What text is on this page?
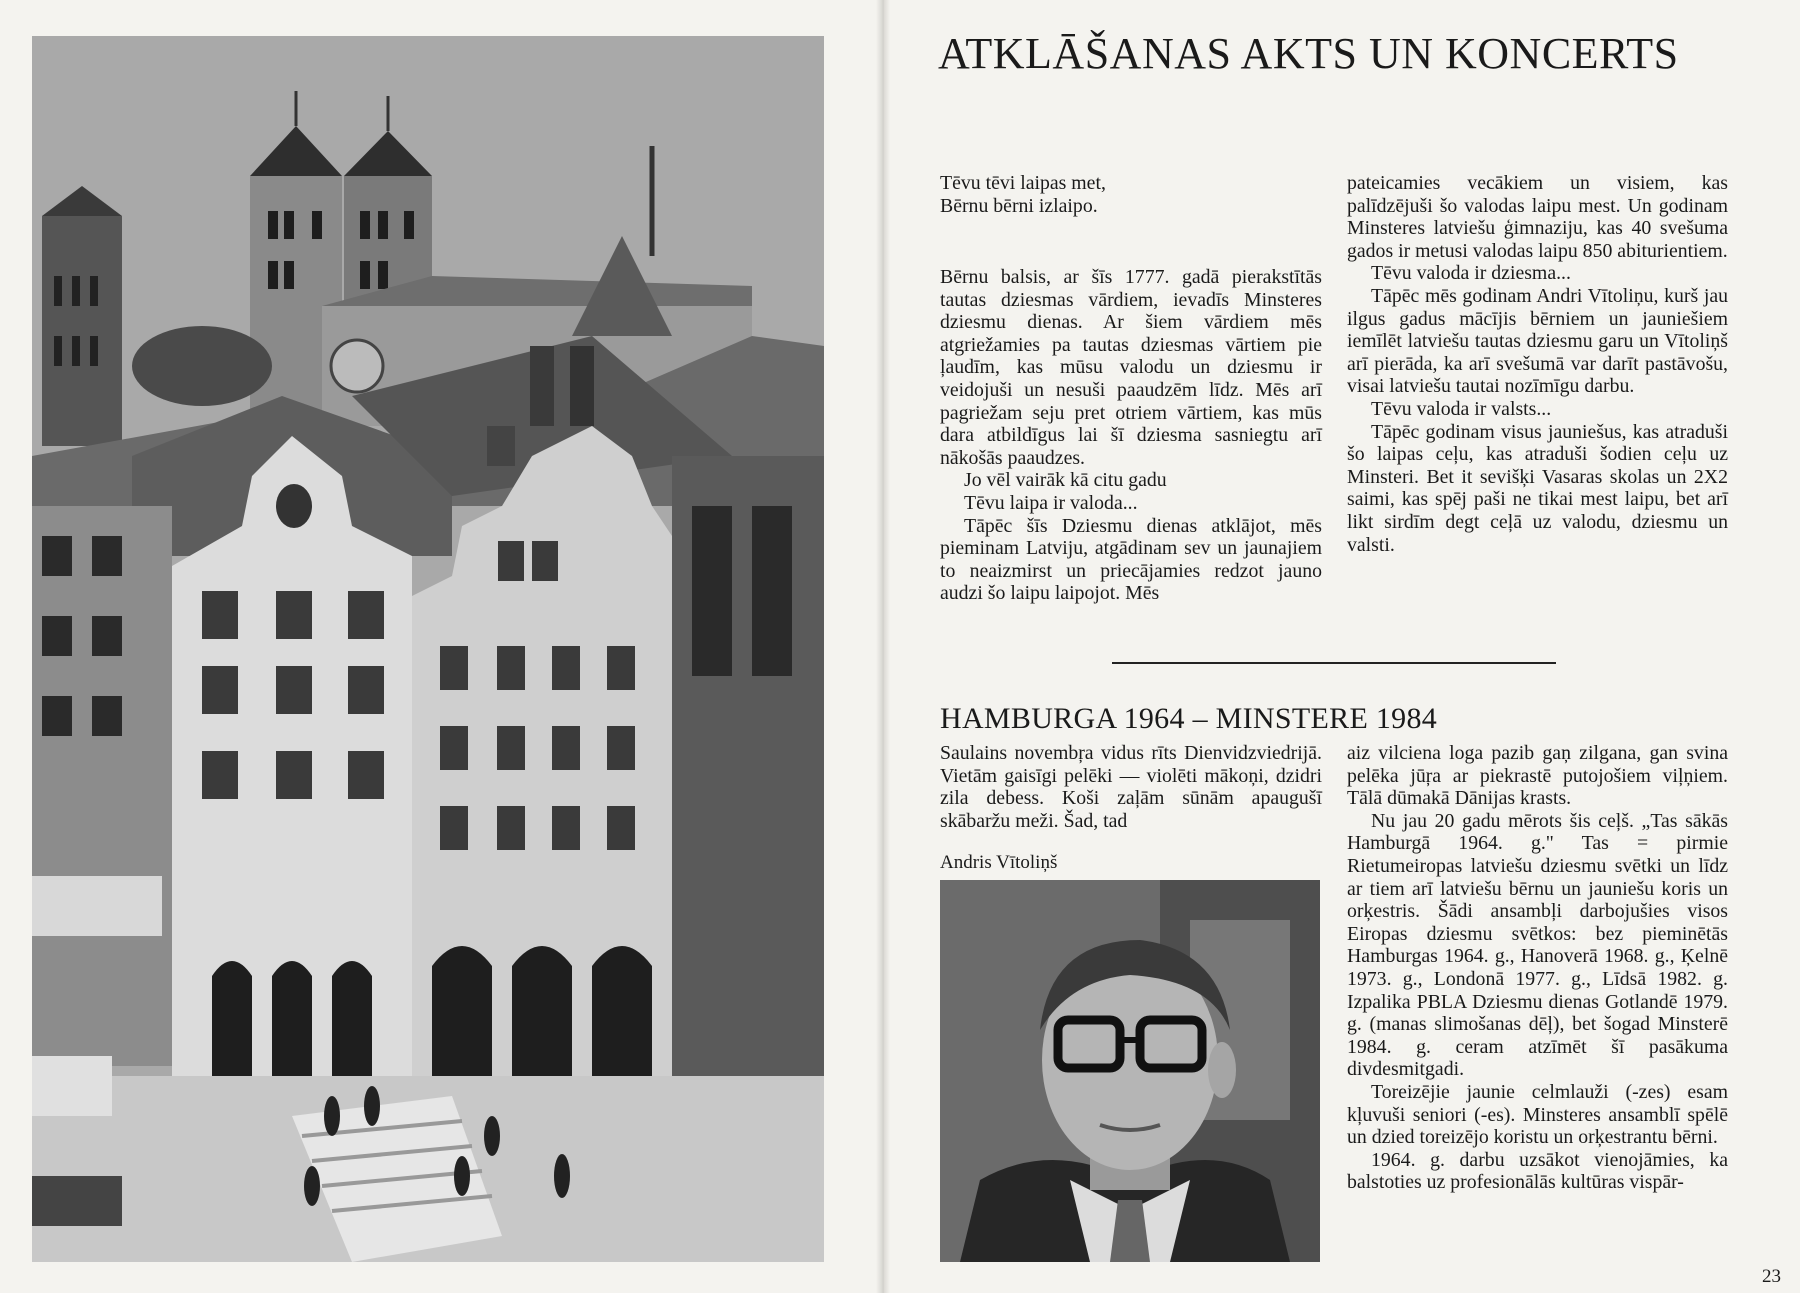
ATKLĀŠANAS AKTS UN KONCERTS
Tēvu tēvi laipas met,
Bērnu bērni izlaipo.

Bērnu balsis, ar šīs 1777. gadā pierakstītās tautas dziesmas vārdiem, ievadīs Minsteres dziesmu dienas. Ar šiem vārdiem mēs atgriežamies pa tautas dziesmas vārtiem pie ļaudīm, kas mūsu valodu un dziesmu ir veidojuši un nesuši paaudzēm līdz. Mēs arī pagriežam seju pret otriem vārtiem, kas mūs dara atbildīgus lai šī dziesma sasniegtu arī nākošās paaudzes.

Jo vēl vairāk kā citu gadu

Tēvu laipa ir valoda...

Tāpēc šīs Dziesmu dienas atklājot, mēs pieminam Latviju, atgādinam sev un jaunajiem to neaizmirst un priecājamies redzot jauno audzi šo laipu laipojot. Mēs

pateicamies vecākiem un visiem, kas palīdzējuši šo valodas laipu mest. Un godinam Minsteres latviešu ģimnaziju, kas 40 svešuma gados ir metusi valodas laipu 850 abiturientiem.

Tēvu valoda ir dziesma...

Tāpēc mēs godinam Andri Vītoliņu, kurš jau ilgus gadus mācījis bērniem un jauniešiem iemīlēt latviešu tautas dziesmu garu un Vītoliņš arī pierāda, ka arī svešumā var darīt pastāvošu, visai latviešu tautai nozīmīgu darbu.

Tēvu valoda ir valsts...

Tāpēc godinam visus jauniešus, kas atraduši šo laipas ceļu, kas atraduši šodien ceļu uz Minsteri. Bet it sevišķi Vasaras skolas un 2X2 saimi, kas spēj paši ne tikai mest laipu, bet arī likt sirdīm degt ceļā uz valodu, dziesmu un valsti.

HAMBURGA 1964 – MINSTERE 1984

Saulains novembŗa vidus rīts Dienvidzviedrijā. Vietām gaisīgi pelēki — violēti mākoņi, dzidri zila debess. Koši zaļām sūnām apaugušī skābaržu meži. Šad, tad

Andris Vītoliņš

aiz vilciena loga pazib gaņ zilgana, gan svina pelēka jūŗa ar piekrastē putojošiem viļņiem. Tālā dūmakā Dānijas krasts.

Nu jau 20 gadu mērots šis ceļš. „Tas sākās Hamburgā 1964. g." Tas = pirmie Rietumeiropas latviešu dziesmu svētki un līdz ar tiem arī latviešu bērnu un jauniešu koris un orķestris. Šādi ansambļi darbojušies visos Eiropas dziesmu svētkos: bez pieminētās Hamburgas 1964. g., Hanoverā 1968. g., Ķelnē 1973. g., Londonā 1977. g., Līdsā 1982. g. Izpalika PBLA Dziesmu dienas Gotlandē 1979. g. (manas slimošanas dēļ), bet šogad Minsterē 1984. g. ceram atzīmēt šī pasākuma divdesmitgadi.

Toreizējie jaunie celmlauži (-zes) esam kļuvuši seniori (-es). Minsteres ansamblī spēlē un dzied toreizējo koristu un orķestrantu bērni.

1964. g. darbu uzsākot vienojāmies, ka balstoties uz profesionālās kultūras vispār-

23
